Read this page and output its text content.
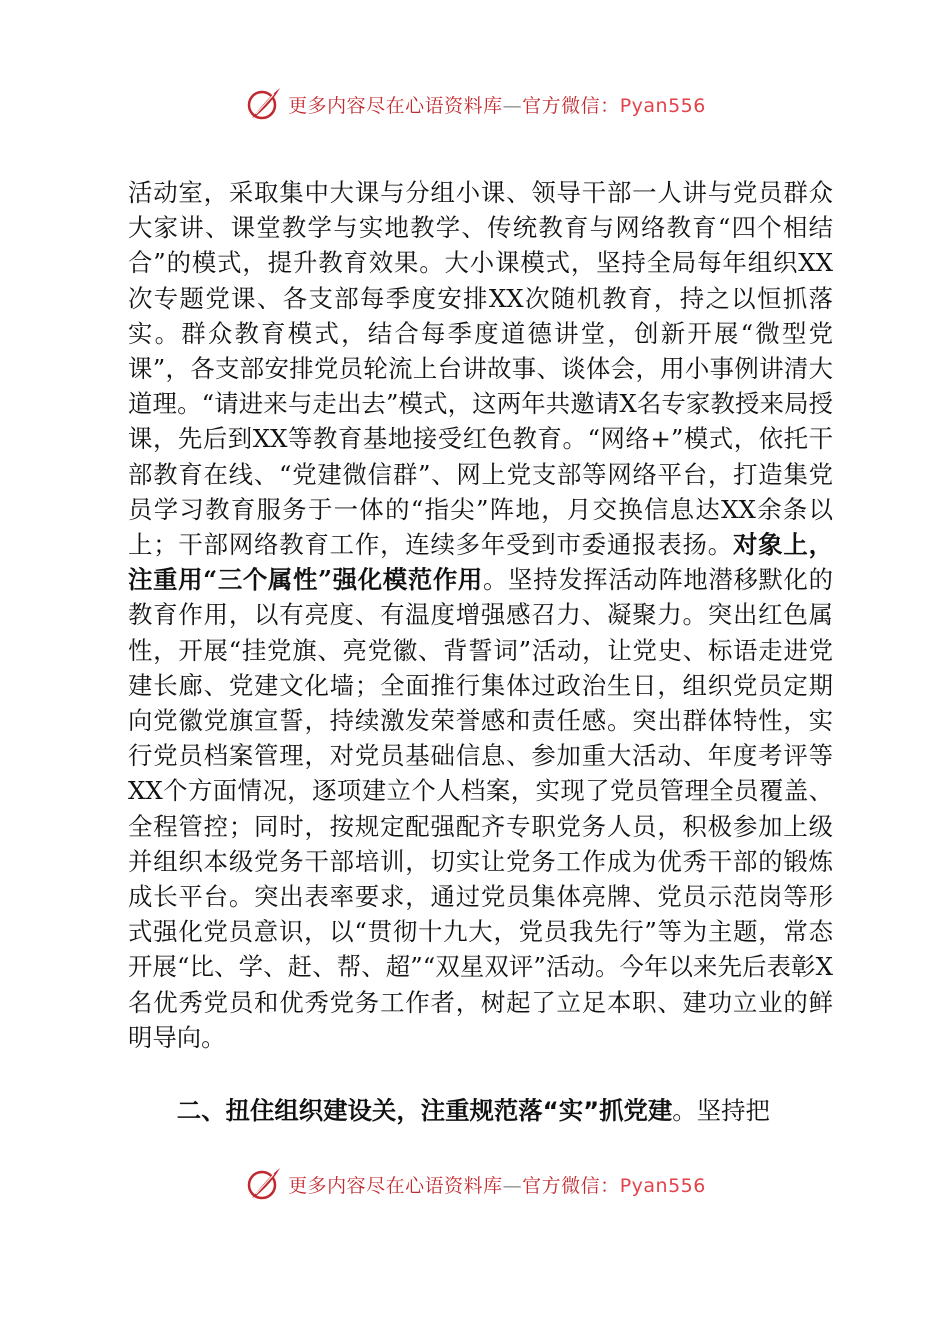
更多内容尽在心语资料库—官方微信：Pyan556

活动室，采取集中大课与分组小课、领导干部一人讲与党员群众大家讲、课堂教学与实地教学、传统教育与网络教育“四个相结合”的模式，提升教育效果。大小课模式，坚持全局每年组织XX次专题党课、各支部每季度安排XX次随机教育，持之以恒抓落实。群众教育模式，结合每季度道德讲堂，创新开展“微型党课”，各支部安排党员轮流上台讲故事、谈体会，用小事例讲清大道理。“请进来与走出去”模式，这两年共邀请X名专家教授来局授课，先后到XX等教育基地接受红色教育。“网络+”模式，依托干部教育在线、“党建微信群”、网上党支部等网络平台，打造集党员学习教育服务于一体的“指尖”阵地，月交换信息达XX余条以上；干部网络教育工作，连续多年受到市委通报表扬。对象上，注重用“三个属性”强化模范作用。坚持发挥活动阵地潜移默化的教育作用，以有亮度、有温度增强感召力、凝聚力。突出红色属性，开展“挂党旗、亮党徽、背誓词”活动，让党史、标语走进党建长廊、党建文化墙；全面推行集体过政治生日，组织党员定期向党徽党旗宣誓，持续激发荣誉感和责任感。突出群体特性，实行党员档案管理，对党员基础信息、参加重大活动、年度考评等XX个方面情况，逐项建立个人档案，实现了党员管理全员覆盖、全程管控；同时，按规定配强配齐专职党务人员，积极参加上级并组织本级党务干部培训，切实让党务工作成为优秀干部的锻炼成长平台。突出表率要求，通过党员集体亮牌、党员示范岗等形式强化党员意识，以“贯彻十九大，党员我先行”等为主题，常态开展“比、学、赶、帮、超”“双星双评”活动。今年以来先后表彰X名优秀党员和优秀党务工作者，树起了立足本职、建功立业的鲜明导向。

二、扭住组织建设关，注重规范落“实”抓党建。坚持把

更多内容尽在心语资料库—官方微信：Pyan556
